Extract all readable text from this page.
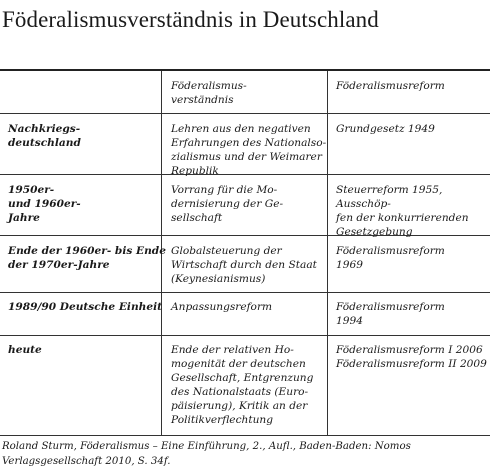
Föderalismusverständnis in Deutschland
Föderalismus-
verständnis
Föderalismusreform
Nachkriegs-
deutschland
Lehren aus den negativen
Erfahrungen des Nationalso-
zialismus und der Weimarer
Republik
Grundgesetz 1949
1950er-
und 1960er-
Jahre
Vorrang für die Mo-
dernisierung der Ge-
sellschaft
Steuerreform 1955, Ausschöp-
fen der konkurrierenden
Gesetzgebung
Ende der 1960er- bis Ende
der 1970er-Jahre
Globalsteuerung der
Wirtschaft durch den Staat
(Keynesianismus)
Föderalismusreform
1969
1989/90 Deutsche Einheit Anpassungsreform	Föderalismusreform
1994
heute	Ende der relativen Ho-
mogenität der deutschen
Gesellschaft, Entgrenzung
des Nationalstaats (Euro-
päisierung), Kritik an der
Politikverflechtung
Föderalismusreform I 2006
Föderalismusreform II 2009
Roland Sturm, Föderalismus – Eine Einführung, 2., Aufl., Baden-Baden: Nomos Verlagsgesellschaft 2010, S. 34f.
